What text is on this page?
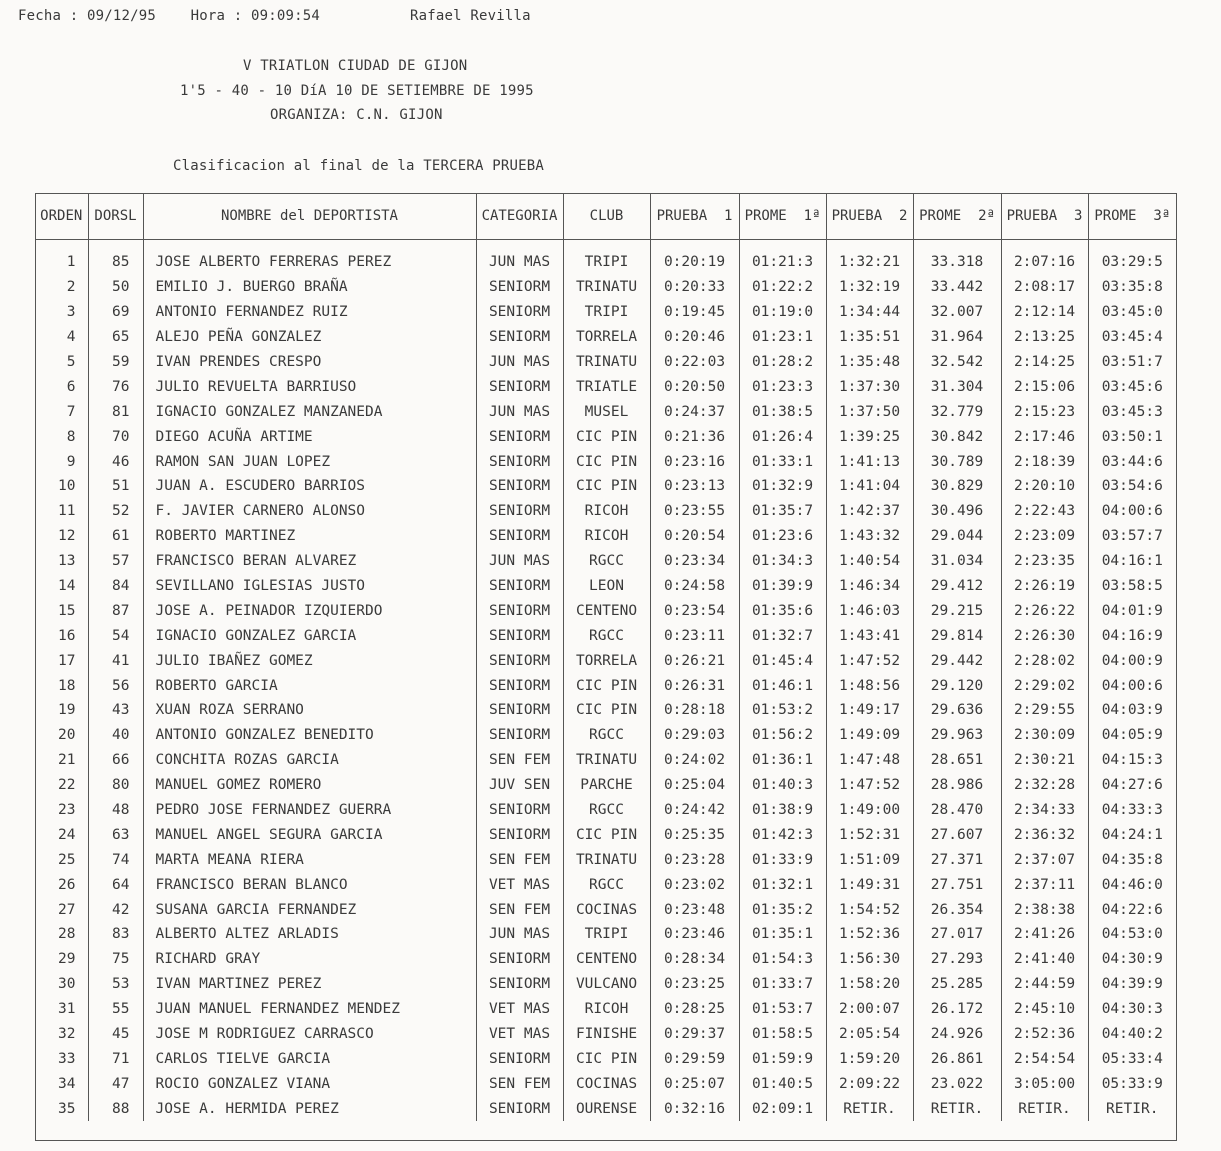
Fecha : 09/12/95    Hora : 09:09:54	Rafael Revilla
V TRIATLON CIUDAD DE GIJON
1'5 - 40 - 10 DíA 10 DE SETIEMBRE DE 1995
ORGANIZA: C.N. GIJON
Clasificacion al final de la TERCERA PRUEBA
ORDEN	DORSL	NOMBRE del DEPORTISTA	CATEGORIA	CLUB	PRUEBA  1	PROME  1ª	PRUEBA  2	PROME  2ª	PRUEBA  3	PROME  3ª

1	85	JOSE ALBERTO FERRERAS PEREZ	JUN MAS	TRIPI	0:20:19	01:21:3	1:32:21	33.318	2:07:16	03:29:5
2	50	EMILIO J. BUERGO BRAÑA	SENIORM	TRINATU	0:20:33	01:22:2	1:32:19	33.442	2:08:17	03:35:8
3	69	ANTONIO FERNANDEZ RUIZ	SENIORM	TRIPI	0:19:45	01:19:0	1:34:44	32.007	2:12:14	03:45:0
4	65	ALEJO PEÑA GONZALEZ	SENIORM	TORRELA	0:20:46	01:23:1	1:35:51	31.964	2:13:25	03:45:4
5	59	IVAN PRENDES CRESPO	JUN MAS	TRINATU	0:22:03	01:28:2	1:35:48	32.542	2:14:25	03:51:7
6	76	JULIO REVUELTA BARRIUSO	SENIORM	TRIATLE	0:20:50	01:23:3	1:37:30	31.304	2:15:06	03:45:6
7	81	IGNACIO GONZALEZ MANZANEDA	JUN MAS	MUSEL	0:24:37	01:38:5	1:37:50	32.779	2:15:23	03:45:3
8	70	DIEGO ACUÑA ARTIME	SENIORM	CIC PIN	0:21:36	01:26:4	1:39:25	30.842	2:17:46	03:50:1
9	46	RAMON SAN JUAN LOPEZ	SENIORM	CIC PIN	0:23:16	01:33:1	1:41:13	30.789	2:18:39	03:44:6
10	51	JUAN A. ESCUDERO BARRIOS	SENIORM	CIC PIN	0:23:13	01:32:9	1:41:04	30.829	2:20:10	03:54:6
11	52	F. JAVIER CARNERO ALONSO	SENIORM	RICOH	0:23:55	01:35:7	1:42:37	30.496	2:22:43	04:00:6
12	61	ROBERTO MARTINEZ	SENIORM	RICOH	0:20:54	01:23:6	1:43:32	29.044	2:23:09	03:57:7
13	57	FRANCISCO BERAN ALVAREZ	JUN MAS	RGCC	0:23:34	01:34:3	1:40:54	31.034	2:23:35	04:16:1
14	84	SEVILLANO IGLESIAS JUSTO	SENIORM	LEON	0:24:58	01:39:9	1:46:34	29.412	2:26:19	03:58:5
15	87	JOSE A. PEINADOR IZQUIERDO	SENIORM	CENTENO	0:23:54	01:35:6	1:46:03	29.215	2:26:22	04:01:9
16	54	IGNACIO GONZALEZ GARCIA	SENIORM	RGCC	0:23:11	01:32:7	1:43:41	29.814	2:26:30	04:16:9
17	41	JULIO IBAÑEZ GOMEZ	SENIORM	TORRELA	0:26:21	01:45:4	1:47:52	29.442	2:28:02	04:00:9
18	56	ROBERTO GARCIA	SENIORM	CIC PIN	0:26:31	01:46:1	1:48:56	29.120	2:29:02	04:00:6
19	43	XUAN ROZA SERRANO	SENIORM	CIC PIN	0:28:18	01:53:2	1:49:17	29.636	2:29:55	04:03:9
20	40	ANTONIO GONZALEZ BENEDITO	SENIORM	RGCC	0:29:03	01:56:2	1:49:09	29.963	2:30:09	04:05:9
21	66	CONCHITA ROZAS GARCIA	SEN FEM	TRINATU	0:24:02	01:36:1	1:47:48	28.651	2:30:21	04:15:3
22	80	MANUEL GOMEZ ROMERO	JUV SEN	PARCHE	0:25:04	01:40:3	1:47:52	28.986	2:32:28	04:27:6
23	48	PEDRO JOSE FERNANDEZ GUERRA	SENIORM	RGCC	0:24:42	01:38:9	1:49:00	28.470	2:34:33	04:33:3
24	63	MANUEL ANGEL SEGURA GARCIA	SENIORM	CIC PIN	0:25:35	01:42:3	1:52:31	27.607	2:36:32	04:24:1
25	74	MARTA MEANA RIERA	SEN FEM	TRINATU	0:23:28	01:33:9	1:51:09	27.371	2:37:07	04:35:8
26	64	FRANCISCO BERAN BLANCO	VET MAS	RGCC	0:23:02	01:32:1	1:49:31	27.751	2:37:11	04:46:0
27	42	SUSANA GARCIA FERNANDEZ	SEN FEM	COCINAS	0:23:48	01:35:2	1:54:52	26.354	2:38:38	04:22:6
28	83	ALBERTO ALTEZ ARLADIS	JUN MAS	TRIPI	0:23:46	01:35:1	1:52:36	27.017	2:41:26	04:53:0
29	75	RICHARD GRAY	SENIORM	CENTENO	0:28:34	01:54:3	1:56:30	27.293	2:41:40	04:30:9
30	53	IVAN MARTINEZ PEREZ	SENIORM	VULCANO	0:23:25	01:33:7	1:58:20	25.285	2:44:59	04:39:9
31	55	JUAN MANUEL FERNANDEZ MENDEZ	VET MAS	RICOH	0:28:25	01:53:7	2:00:07	26.172	2:45:10	04:30:3
32	45	JOSE M RODRIGUEZ CARRASCO	VET MAS	FINISHE	0:29:37	01:58:5	2:05:54	24.926	2:52:36	04:40:2
33	71	CARLOS TIELVE GARCIA	SENIORM	CIC PIN	0:29:59	01:59:9	1:59:20	26.861	2:54:54	05:33:4
34	47	ROCIO GONZALEZ VIANA	SEN FEM	COCINAS	0:25:07	01:40:5	2:09:22	23.022	3:05:00	05:33:9
35	88	JOSE A. HERMIDA PEREZ	SENIORM	OURENSE	0:32:16	02:09:1	RETIR.	RETIR.	RETIR.	RETIR.
